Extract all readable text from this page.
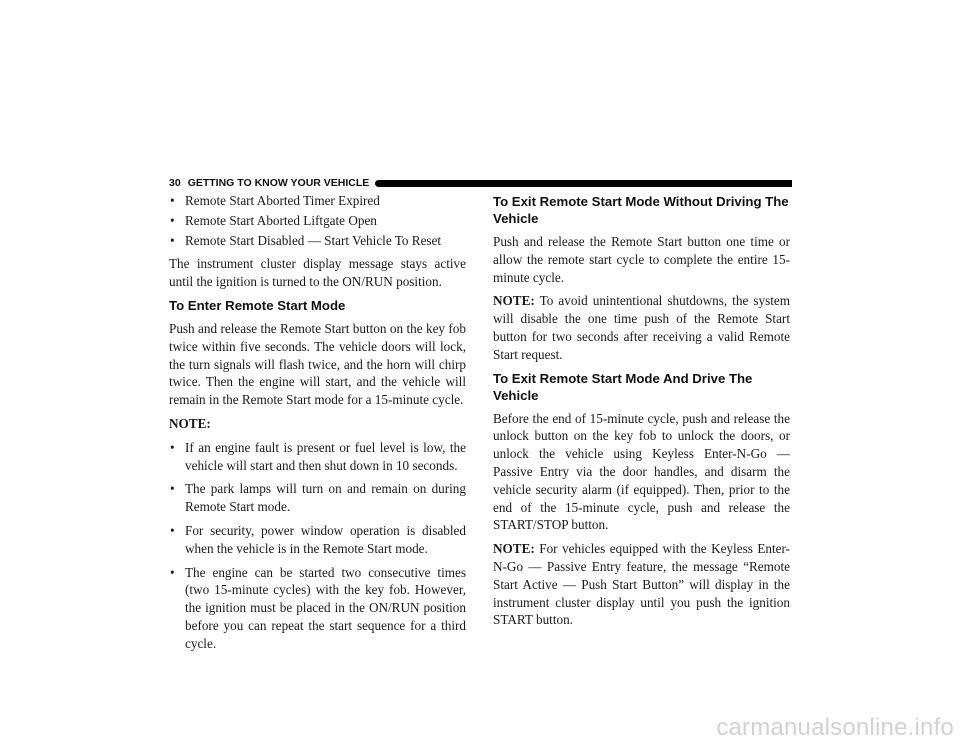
30 GETTING TO KNOW YOUR VEHICLE
• Remote Start Aborted Timer Expired
• Remote Start Aborted Liftgate Open
• Remote Start Disabled — Start Vehicle To Reset

The instrument cluster display message stays active until the ignition is turned to the ON/RUN position.

To Enter Remote Start Mode

Push and release the Remote Start button on the key fob twice within five seconds. The vehicle doors will lock, the turn signals will flash twice, and the horn will chirp twice. Then the engine will start, and the vehicle will remain in the Remote Start mode for a 15-minute cycle.

NOTE:

• If an engine fault is present or fuel level is low, the vehicle will start and then shut down in 10 seconds.
• The park lamps will turn on and remain on during Remote Start mode.
• For security, power window operation is disabled when the vehicle is in the Remote Start mode.
• The engine can be started two consecutive times (two 15-minute cycles) with the key fob. However, the ignition must be placed in the ON/RUN position before you can repeat the start sequence for a third cycle.
To Exit Remote Start Mode Without Driving The Vehicle

Push and release the Remote Start button one time or allow the remote start cycle to complete the entire 15-minute cycle.

NOTE: To avoid unintentional shutdowns, the system will disable the one time push of the Remote Start button for two seconds after receiving a valid Remote Start request.

To Exit Remote Start Mode And Drive The Vehicle

Before the end of 15-minute cycle, push and release the unlock button on the key fob to unlock the doors, or unlock the vehicle using Keyless Enter-N-Go — Passive Entry via the door handles, and disarm the vehicle security alarm (if equipped). Then, prior to the end of the 15-minute cycle, push and release the START/STOP button.

NOTE: For vehicles equipped with the Keyless Enter-N-Go — Passive Entry feature, the message “Remote Start Active — Push Start Button” will display in the instrument cluster display until you push the ignition START button.

carmanualsonline.info
